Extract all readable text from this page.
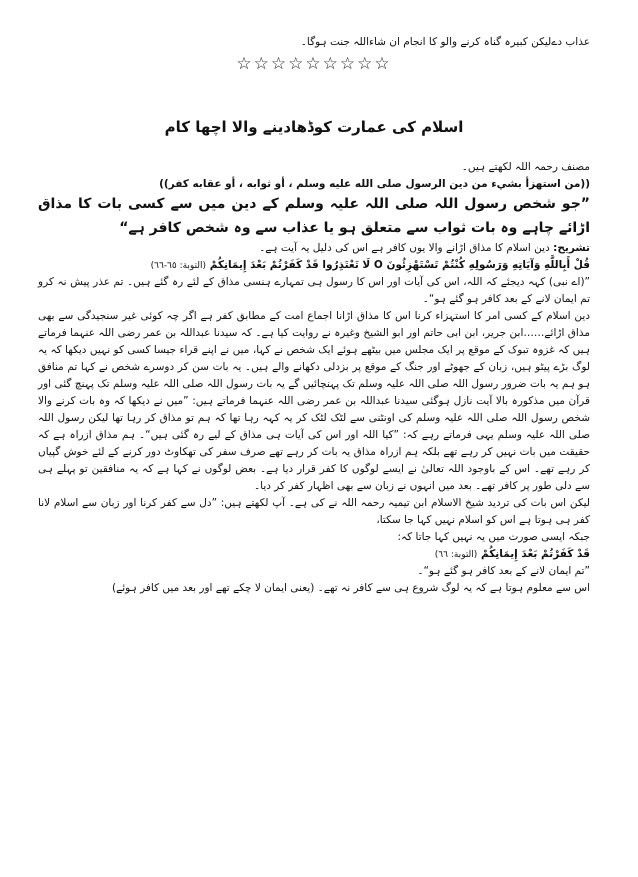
عذاب دےلیکن کبیرہ گناہ کرنے والو کا انجام ان شاءاللہ جنت ہوگا۔

☆☆☆☆☆☆☆☆☆
اسلام کی عمارت کوڈھادینے والا اچھا کام

مصنف رحمہ اللہ لکھتے ہیں۔

((من استهزأ بشيء من دين الرسول صلى الله عليه وسلم ، أو ثوابه ، أو عقابه كفر))

”جو شخص رسول اللہ صلی اللہ علیہ وسلم کے دین میں سے کسی بات کا مذاق اڑائے چاہے وہ بات ثواب سے متعلق ہو یا عذاب سے وہ شخص کافر ہے“

تشریح: دین اسلام کا مذاق اڑانے والا یوں کافر ہے اس کی دلیل یہ آیت ہے۔

قُلْ أَبِاللَّهِ وَآيَاتِهِ وَرَسُولِهِ كُنْتُمْ تَسْتَهْزِئُونَ O لَا تَعْتَذِرُوا قَدْ كَفَرْتُمْ بَعْدَ إِيمَانِكُمْ (التوبة: ٦٥-٦٦)

”(اے نبی) کہہ دیجئے کہ اللہ، اس کی آیات اور اس کا رسول ہی تمہارے ہنسی مذاق کے لئے رہ گئے ہیں۔ تم عذر پیش نہ کرو تم ایمان لانے کے بعد کافر ہو گئے ہو“۔

دین اسلام کے کسی امر کا استہزاء کرنا اس کا مذاق اڑانا اجماع امت کے مطابق کفر ہے اگر چہ کوئی غیر سنجیدگی سے بھی مذاق اڑائے……ابن جریر، ابن ابی حاتم اور ابو الشیخ وغیرہ نے روایت کیا ہے۔ کہ سیدنا عبداللہ بن عمر رضی اللہ عنہما فرماتے ہیں کہ غزوہ تبوک کے موقع پر ایک مجلس میں بیٹھے ہوئے ایک شخص نے کہا، میں نے اپنے قراء جیسا کسی کو نہیں دیکھا کہ یہ لوگ بڑے پیٹو ہیں، زبان کے جھوٹے اور جنگ کے موقع پر بزدلی دکھانے والے ہیں۔ یہ بات سن کر دوسرے شخص نے کہا تم منافق ہو ہم یہ بات ضرور رسول اللہ صلی اللہ علیہ وسلم تک پہنچائیں گے یہ بات رسول اللہ صلی اللہ علیہ وسلم تک پہنچ گئی اور قرآن میں مذکورہ بالا آیت نازل ہوگئی سیدنا عبداللہ بن عمر رضی اللہ عنہما فرماتے ہیں: ”میں نے دیکھا کہ وہ بات کرنے والا شخص رسول اللہ صلی اللہ علیہ وسلم کی اونٹنی سے لٹک لٹک کر یہ کہہ رہا تھا کہ ہم تو مذاق کر رہا تھا لیکن رسول اللہ صلی اللہ علیہ وسلم یہی فرماتے رہے کہ: ”کیا اللہ اور اس کی آیات ہی مذاق کے لیے رہ گئی ہیں“۔ ہم مذاق ازراہ ہے کہ حقیقت میں بات نہیں کر رہے تھے بلکہ ہم ازراہ مذاق یہ بات کر رہے تھے صرف سفر کی تھکاوٹ دور کرنے کے لئے خوش گپیاں کر رہے تھے۔ اس کے باوجود اللہ تعالیٰ نے ایسے لوگوں کا کفر قرار دیا ہے۔ بعض لوگوں نے کہا ہے کہ یہ منافقین تو پہلے ہی سے دلی طور پر کافر تھے۔ بعد میں انہوں نے زبان سے بھی اظہار کفر کر دیا۔

لیکن اس بات کی تردید شیخ الاسلام ابن تیمیہ رحمہ اللہ نے کی ہے۔ آپ لکھتے ہیں: ”دل سے کفر کرنا اور زبان سے اسلام لانا کفر ہی ہوتا ہے اس کو اسلام نہیں کہا جا سکتا،

جبکہ ایسی صورت میں یہ نہیں کہا جاتا کہ:

قَدْ كَفَرْتُمْ بَعْدَ إِيمَانِكُمْ (التوبة: ٦٦)

”تم ایمان لانے کے بعد کافر ہو گئے ہو“۔

اس سے معلوم ہوتا ہے کہ یہ لوگ شروع ہی سے کافر نہ تھے۔ (یعنی ایمان لا چکے تھے اور بعد میں کافر ہوئے)
